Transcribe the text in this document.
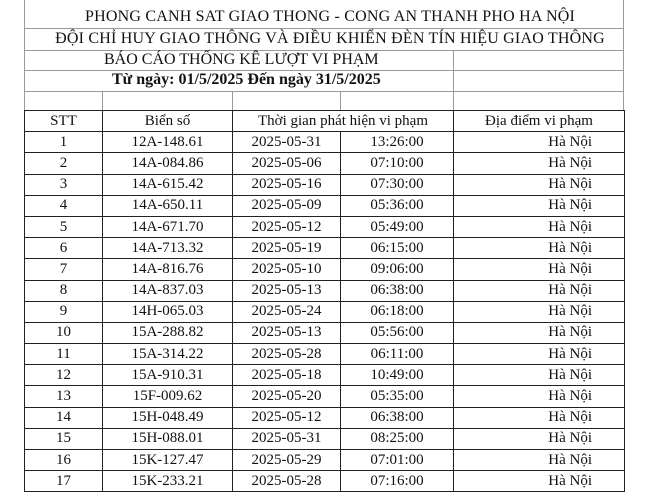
PHONG CANH SAT GIAO THONG - CONG AN THANH PHO HA NỘI
ĐỘI CHỈ HUY GIAO THÔNG VÀ ĐIỀU KHIỂN ĐÈN TÍN HIỆU GIAO THÔNG
BÁO CÁO THỐNG KÊ LƯỢT VI PHẠM
Từ ngày: 01/5/2025 Đến ngày 31/5/2025
STT	Biển số	Thời gian phát hiện vi phạm		Địa điểm vi phạm
1	12A-148.61	2025-05-31	13:26:00	Hà Nội
2	14A-084.86	2025-05-06	07:10:00	Hà Nội
3	14A-615.42	2025-05-16	07:30:00	Hà Nội
4	14A-650.11	2025-05-09	05:36:00	Hà Nội
5	14A-671.70	2025-05-12	05:49:00	Hà Nội
6	14A-713.32	2025-05-19	06:15:00	Hà Nội
7	14A-816.76	2025-05-10	09:06:00	Hà Nội
8	14A-837.03	2025-05-13	06:38:00	Hà Nội
9	14H-065.03	2025-05-24	06:18:00	Hà Nội
10	15A-288.82	2025-05-13	05:56:00	Hà Nội
11	15A-314.22	2025-05-28	06:11:00	Hà Nội
12	15A-910.31	2025-05-18	10:49:00	Hà Nội
13	15F-009.62	2025-05-20	05:35:00	Hà Nội
14	15H-048.49	2025-05-12	06:38:00	Hà Nội
15	15H-088.01	2025-05-31	08:25:00	Hà Nội
16	15K-127.47	2025-05-29	07:01:00	Hà Nội
17	15K-233.21	2025-05-28	07:16:00	Hà Nội
